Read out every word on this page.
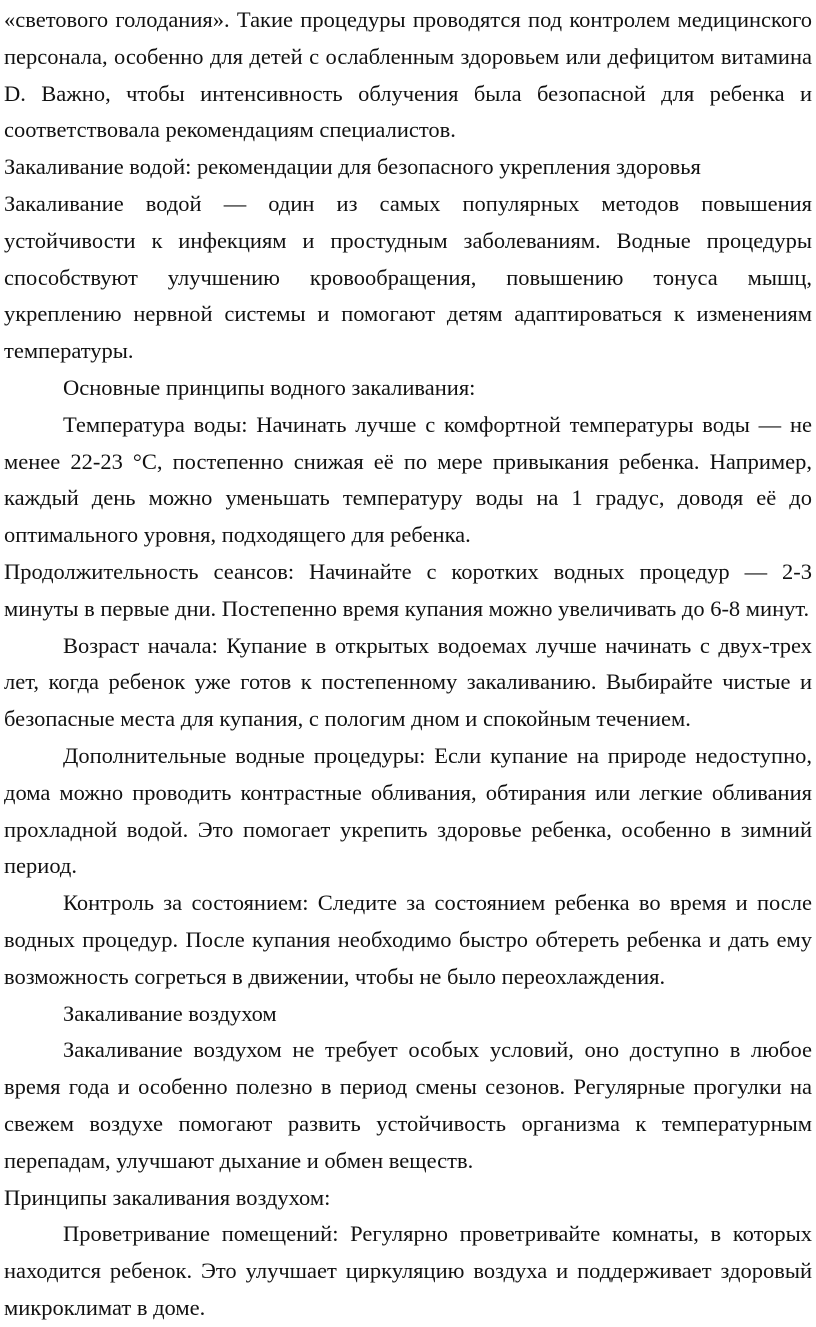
«светового голодания». Такие процедуры проводятся под контролем медицинского персонала, особенно для детей с ослабленным здоровьем или дефицитом витамина D. Важно, чтобы интенсивность облучения была безопасной для ребенка и соответствовала рекомендациям специалистов.

Закаливание водой: рекомендации для безопасного укрепления здоровья

Закаливание водой — один из самых популярных методов повышения устойчивости к инфекциям и простудным заболеваниям. Водные процедуры способствуют улучшению кровообращения, повышению тонуса мышц, укреплению нервной системы и помогают детям адаптироваться к изменениям температуры.

Основные принципы водного закаливания:

Температура воды: Начинать лучше с комфортной температуры воды — не менее 22-23 °С, постепенно снижая её по мере привыкания ребенка. Например, каждый день можно уменьшать температуру воды на 1 градус, доводя её до оптимального уровня, подходящего для ребенка.

Продолжительность сеансов: Начинайте с коротких водных процедур — 2-3 минуты в первые дни. Постепенно время купания можно увеличивать до 6-8 минут.

Возраст начала: Купание в открытых водоемах лучше начинать с двух-трех лет, когда ребенок уже готов к постепенному закаливанию. Выбирайте чистые и безопасные места для купания, с пологим дном и спокойным течением.

Дополнительные водные процедуры: Если купание на природе недоступно, дома можно проводить контрастные обливания, обтирания или легкие обливания прохладной водой. Это помогает укрепить здоровье ребенка, особенно в зимний период.

Контроль за состоянием: Следите за состоянием ребенка во время и после водных процедур. После купания необходимо быстро обтереть ребенка и дать ему возможность согреться в движении, чтобы не было переохлаждения.

Закаливание воздухом

Закаливание воздухом не требует особых условий, оно доступно в любое время года и особенно полезно в период смены сезонов. Регулярные прогулки на свежем воздухе помогают развить устойчивость организма к температурным перепадам, улучшают дыхание и обмен веществ.

Принципы закаливания воздухом:

Проветривание помещений: Регулярно проветривайте комнаты, в которых находится ребенок. Это улучшает циркуляцию воздуха и поддерживает здоровый микроклимат в доме.
